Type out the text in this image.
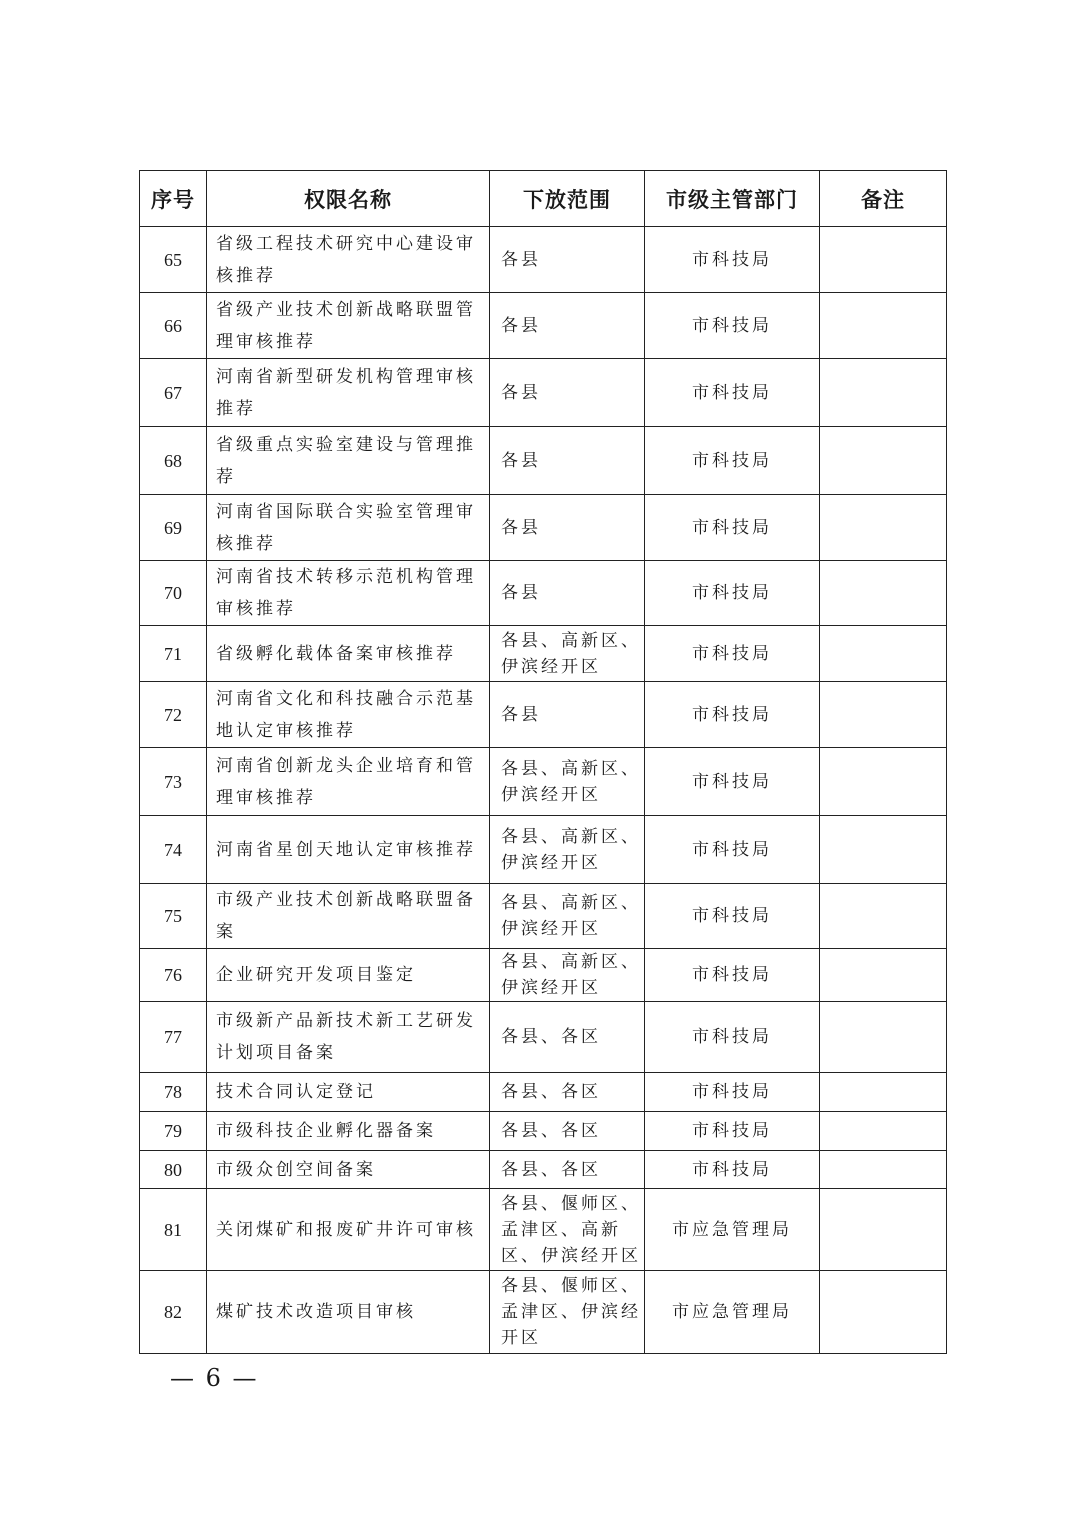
序号	权限名称	下放范围	市级主管部门	备注
65	省级工程技术研究中心建设审核推荐	各县	市科技局	
66	省级产业技术创新战略联盟管理审核推荐	各县	市科技局	
67	河南省新型研发机构管理审核推荐	各县	市科技局	
68	省级重点实验室建设与管理推荐	各县	市科技局	
69	河南省国际联合实验室管理审核推荐	各县	市科技局	
70	河南省技术转移示范机构管理审核推荐	各县	市科技局	
71	省级孵化载体备案审核推荐	各县、高新区、伊滨经开区	市科技局	
72	河南省文化和科技融合示范基地认定审核推荐	各县	市科技局	
73	河南省创新龙头企业培育和管理审核推荐	各县、高新区、伊滨经开区	市科技局	
74	河南省星创天地认定审核推荐	各县、高新区、伊滨经开区	市科技局	
75	市级产业技术创新战略联盟备案	各县、高新区、伊滨经开区	市科技局	
76	企业研究开发项目鉴定	各县、高新区、伊滨经开区	市科技局	
77	市级新产品新技术新工艺研发计划项目备案	各县、各区	市科技局	
78	技术合同认定登记	各县、各区	市科技局	
79	市级科技企业孵化器备案	各县、各区	市科技局	
80	市级众创空间备案	各县、各区	市科技局	
81	关闭煤矿和报废矿井许可审核	各县、偃师区、孟津区、高新区、伊滨经开区	市应急管理局	
82	煤矿技术改造项目审核	各县、偃师区、孟津区、伊滨经开区	市应急管理局	
— 6 —
